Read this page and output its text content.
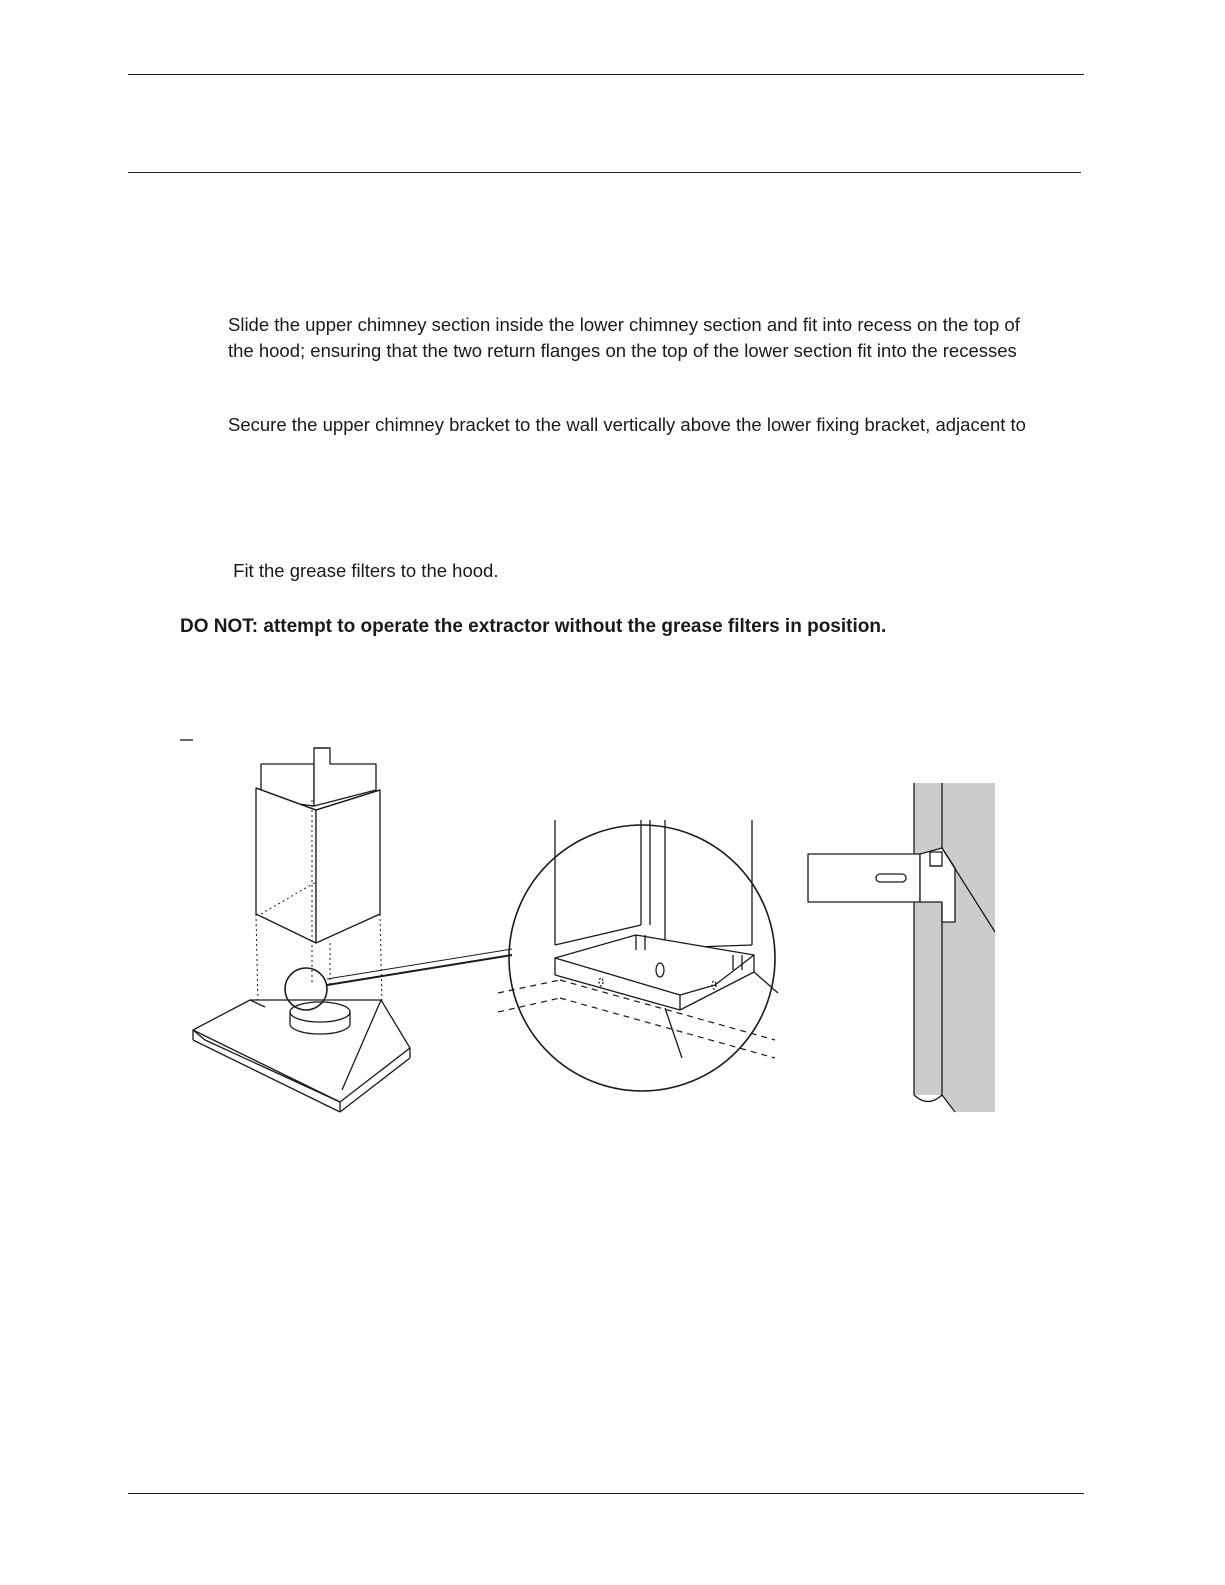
Slide the upper chimney section inside the lower chimney section and fit into recess on the top of
the hood; ensuring that the two return flanges on the top of the lower section fit into the recesses

Secure the upper chimney bracket to the wall vertically above the lower fixing bracket, adjacent to

Fit the grease filters to the hood.

DO NOT: attempt to operate the extractor without the grease filters in position.
